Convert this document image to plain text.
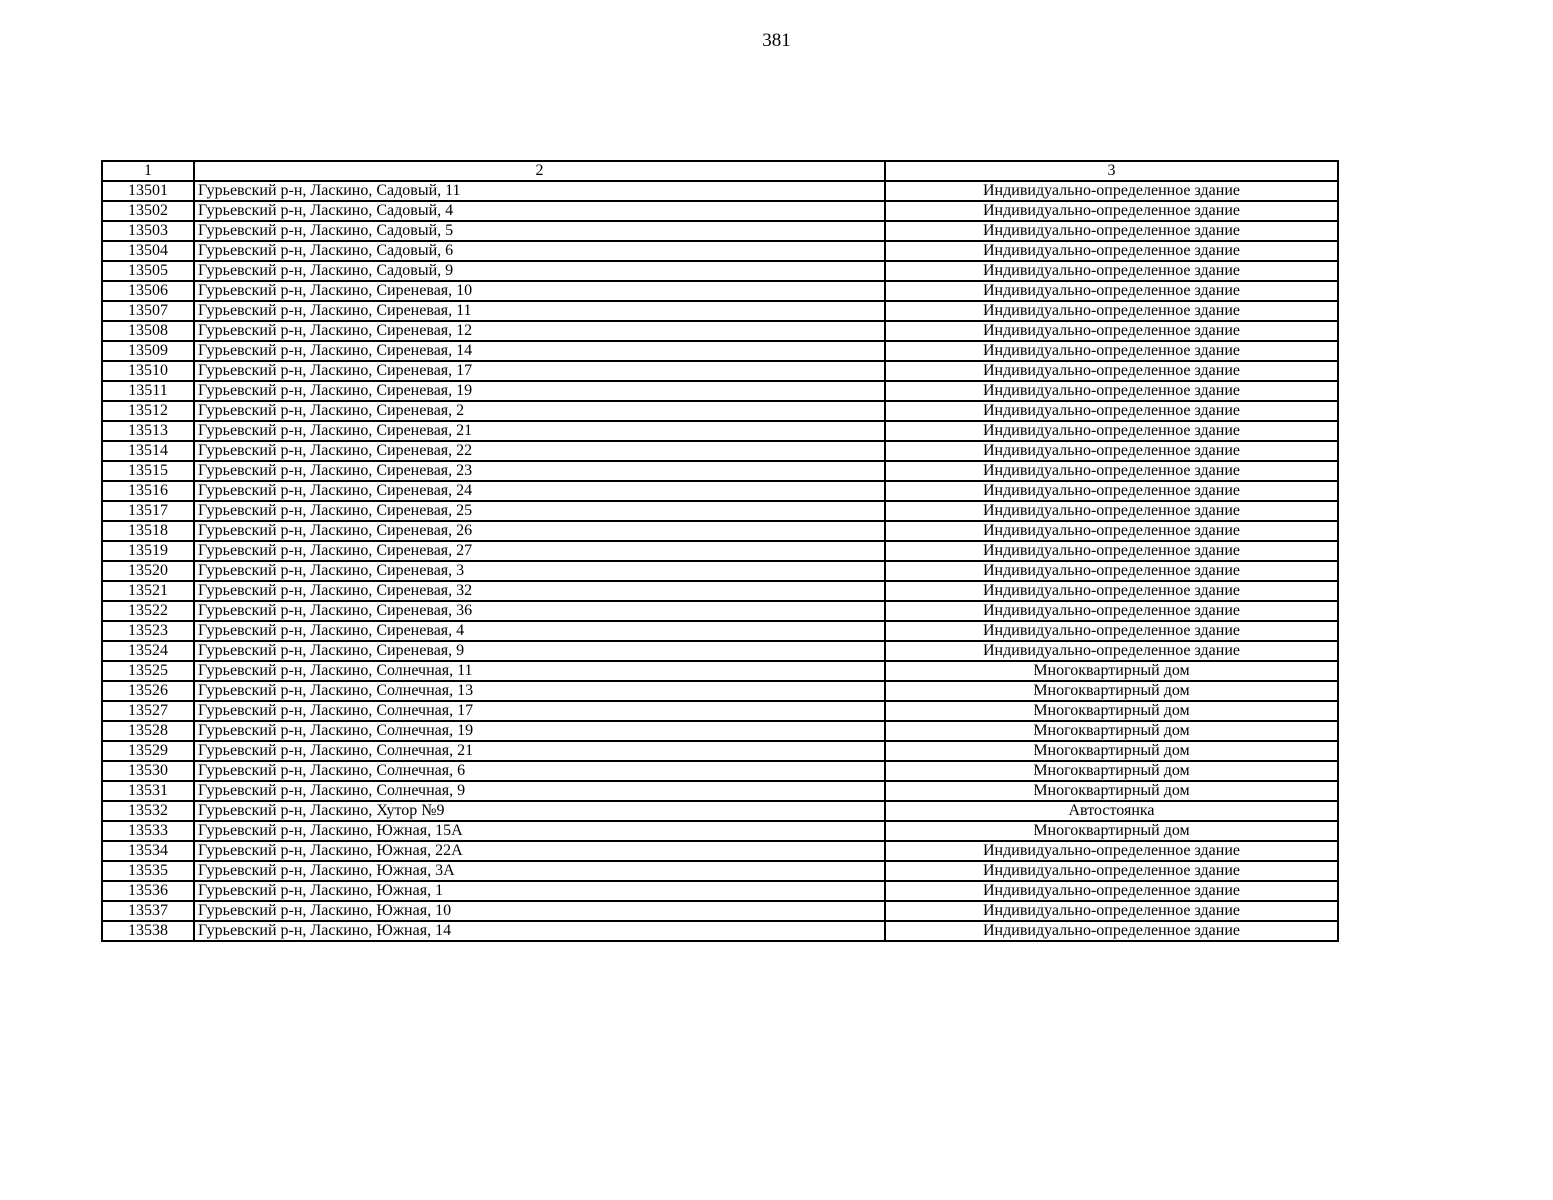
381
1	2	3
13501	Гурьевский р-н, Ласкино, Садовый, 11	Индивидуально-определенное здание
13502	Гурьевский р-н, Ласкино, Садовый, 4	Индивидуально-определенное здание
13503	Гурьевский р-н, Ласкино, Садовый, 5	Индивидуально-определенное здание
13504	Гурьевский р-н, Ласкино, Садовый, 6	Индивидуально-определенное здание
13505	Гурьевский р-н, Ласкино, Садовый, 9	Индивидуально-определенное здание
13506	Гурьевский р-н, Ласкино, Сиреневая, 10	Индивидуально-определенное здание
13507	Гурьевский р-н, Ласкино, Сиреневая, 11	Индивидуально-определенное здание
13508	Гурьевский р-н, Ласкино, Сиреневая, 12	Индивидуально-определенное здание
13509	Гурьевский р-н, Ласкино, Сиреневая, 14	Индивидуально-определенное здание
13510	Гурьевский р-н, Ласкино, Сиреневая, 17	Индивидуально-определенное здание
13511	Гурьевский р-н, Ласкино, Сиреневая, 19	Индивидуально-определенное здание
13512	Гурьевский р-н, Ласкино, Сиреневая, 2	Индивидуально-определенное здание
13513	Гурьевский р-н, Ласкино, Сиреневая, 21	Индивидуально-определенное здание
13514	Гурьевский р-н, Ласкино, Сиреневая, 22	Индивидуально-определенное здание
13515	Гурьевский р-н, Ласкино, Сиреневая, 23	Индивидуально-определенное здание
13516	Гурьевский р-н, Ласкино, Сиреневая, 24	Индивидуально-определенное здание
13517	Гурьевский р-н, Ласкино, Сиреневая, 25	Индивидуально-определенное здание
13518	Гурьевский р-н, Ласкино, Сиреневая, 26	Индивидуально-определенное здание
13519	Гурьевский р-н, Ласкино, Сиреневая, 27	Индивидуально-определенное здание
13520	Гурьевский р-н, Ласкино, Сиреневая, 3	Индивидуально-определенное здание
13521	Гурьевский р-н, Ласкино, Сиреневая, 32	Индивидуально-определенное здание
13522	Гурьевский р-н, Ласкино, Сиреневая, 36	Индивидуально-определенное здание
13523	Гурьевский р-н, Ласкино, Сиреневая, 4	Индивидуально-определенное здание
13524	Гурьевский р-н, Ласкино, Сиреневая, 9	Индивидуально-определенное здание
13525	Гурьевский р-н, Ласкино, Солнечная, 11	Многоквартирный дом
13526	Гурьевский р-н, Ласкино, Солнечная, 13	Многоквартирный дом
13527	Гурьевский р-н, Ласкино, Солнечная, 17	Многоквартирный дом
13528	Гурьевский р-н, Ласкино, Солнечная, 19	Многоквартирный дом
13529	Гурьевский р-н, Ласкино, Солнечная, 21	Многоквартирный дом
13530	Гурьевский р-н, Ласкино, Солнечная, 6	Многоквартирный дом
13531	Гурьевский р-н, Ласкино, Солнечная, 9	Многоквартирный дом
13532	Гурьевский р-н, Ласкино, Хутор №9	Автостоянка
13533	Гурьевский р-н, Ласкино, Южная, 15А	Многоквартирный дом
13534	Гурьевский р-н, Ласкино, Южная, 22А	Индивидуально-определенное здание
13535	Гурьевский р-н, Ласкино, Южная, 3А	Индивидуально-определенное здание
13536	Гурьевский р-н, Ласкино, Южная, 1	Индивидуально-определенное здание
13537	Гурьевский р-н, Ласкино, Южная, 10	Индивидуально-определенное здание
13538	Гурьевский р-н, Ласкино, Южная, 14	Индивидуально-определенное здание
